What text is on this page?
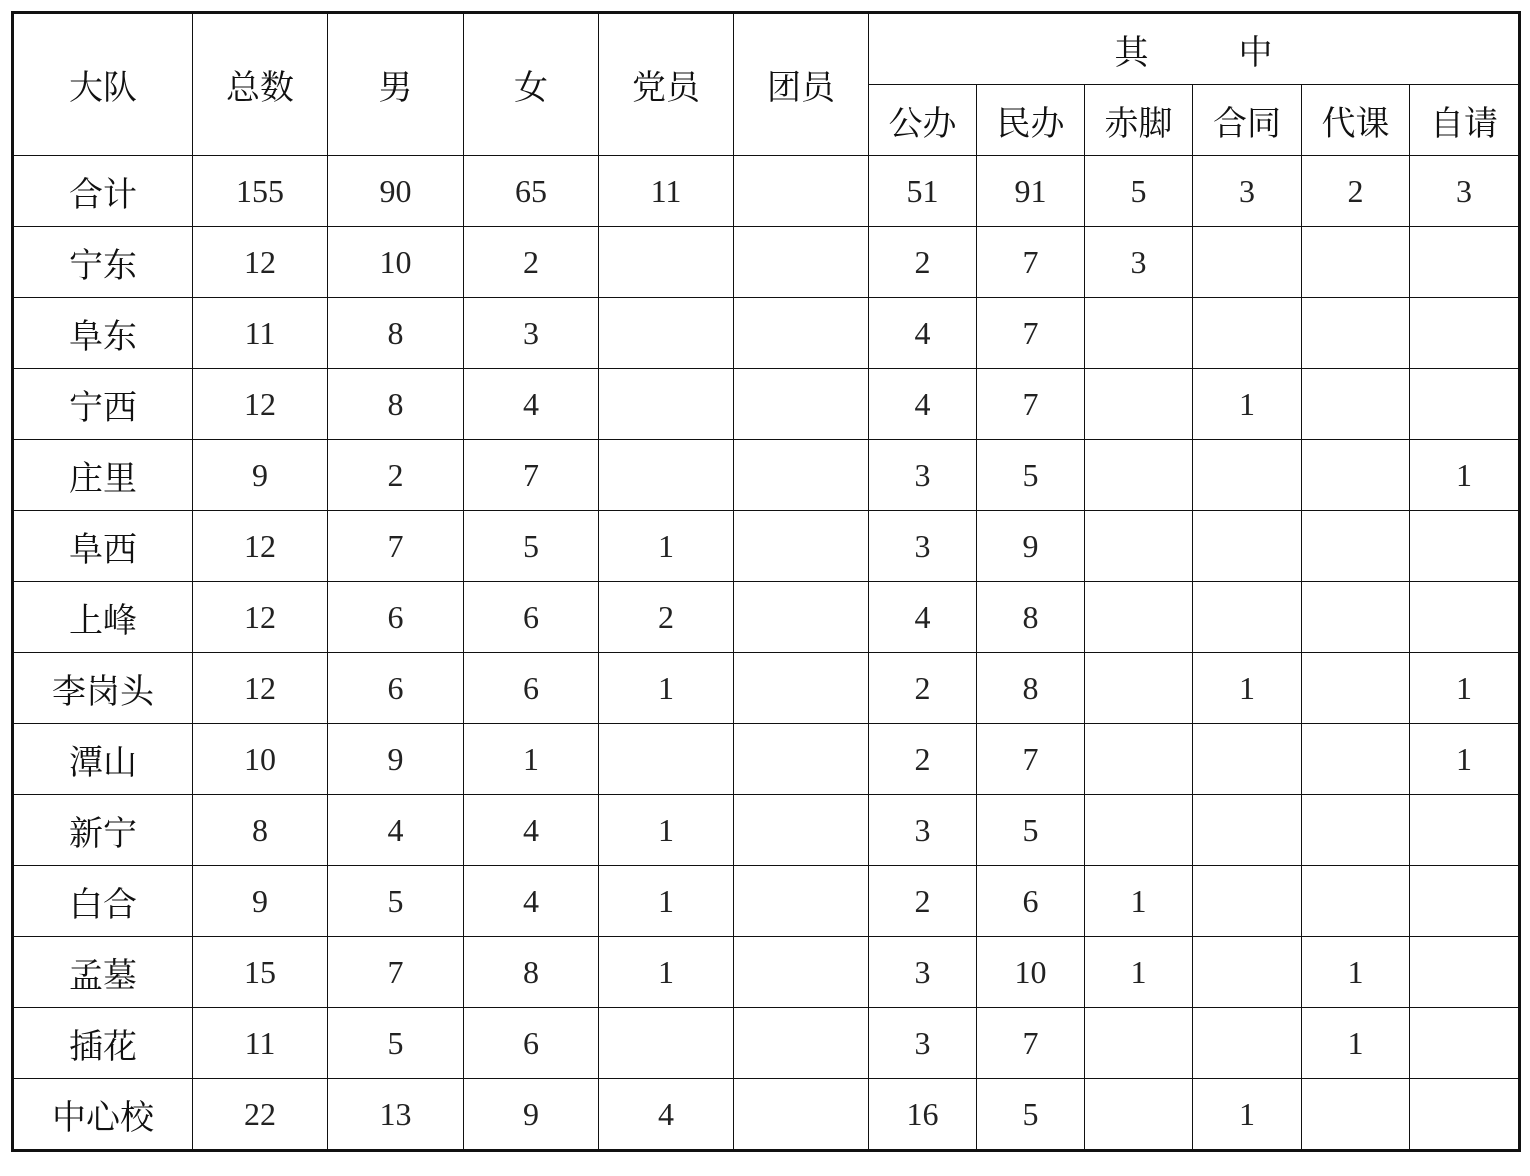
大队	总数	男	女	党员	团员	其 中					
						公办	民办	赤脚	合同	代课	自请
合计	155	90	65	11		51	91	5	3	2	3
宁东	12	10	2			2	7	3			
阜东	11	8	3			4	7				
宁西	12	8	4			4	7		1		
庄里	9	2	7			3	5				1
阜西	12	7	5	1		3	9				
上峰	12	6	6	2		4	8				
李岗头	12	6	6	1		2	8		1		1
潭山	10	9	1			2	7				1
新宁	8	4	4	1		3	5				
白合	9	5	4	1		2	6	1			
孟墓	15	7	8	1		3	10	1		1	
插花	11	5	6			3	7			1	
中心校	22	13	9	4		16	5		1		
